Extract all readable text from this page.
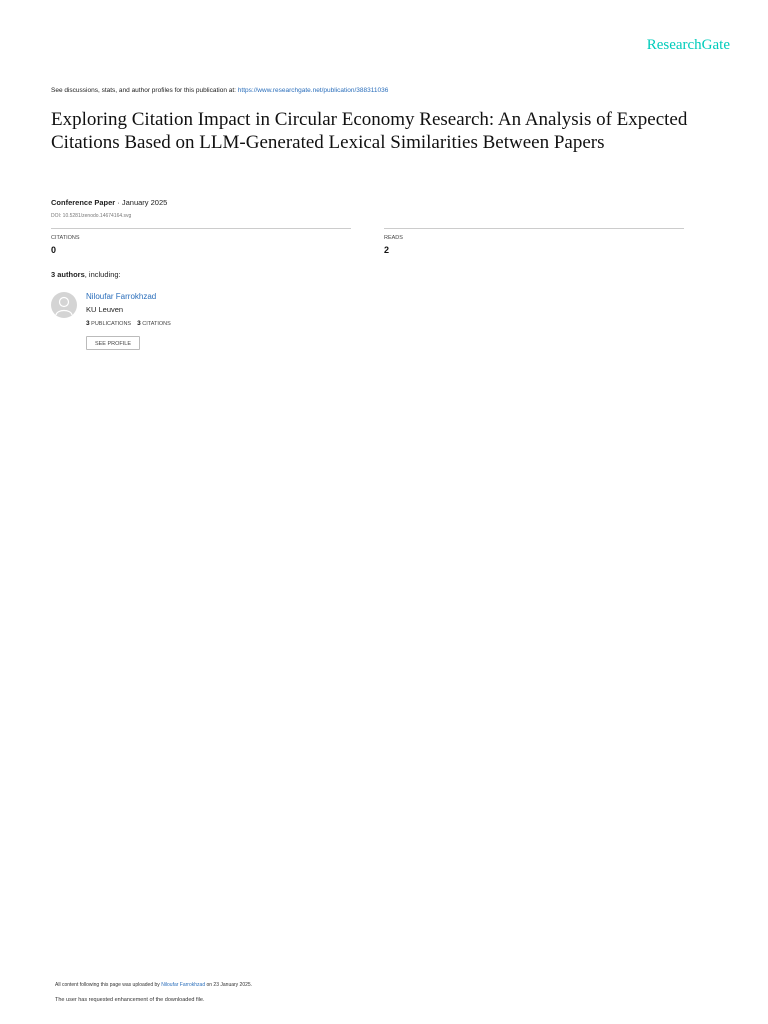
ResearchGate
See discussions, stats, and author profiles for this publication at: https://www.researchgate.net/publication/388311036
Exploring Citation Impact in Circular Economy Research: An Analysis of Expected Citations Based on LLM-Generated Lexical Similarities Between Papers
Conference Paper · January 2025
DOI: 10.5281/zenodo.14674164.svg
CITATIONS
0
READS
2
3 authors, including:
Niloufar Farrokhzad
KU Leuven
3 PUBLICATIONS 3 CITATIONS
SEE PROFILE
All content following this page was uploaded by Niloufar Farrokhzad on 23 January 2025.
The user has requested enhancement of the downloaded file.
